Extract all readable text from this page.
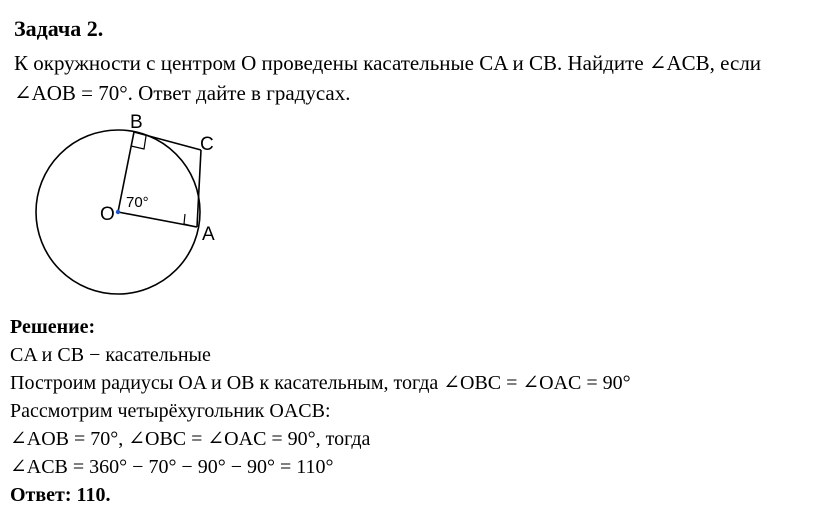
Задача 2.
К окружности с центром O проведены касательные CA и CB. Найдите ∠ACB, если
∠AOB = 70°. Ответ дайте в градусах.
B
C
O
A
70°
Решение:
CA и CB − касательные
Построим радиусы OA и OB к касательным, тогда ∠OBC = ∠OAC = 90°
Рассмотрим четырёхугольник OACB:
∠AOB = 70°, ∠OBC = ∠OAC = 90°, тогда
∠ACB = 360° − 70° − 90° − 90° = 110°
Ответ: 110.
